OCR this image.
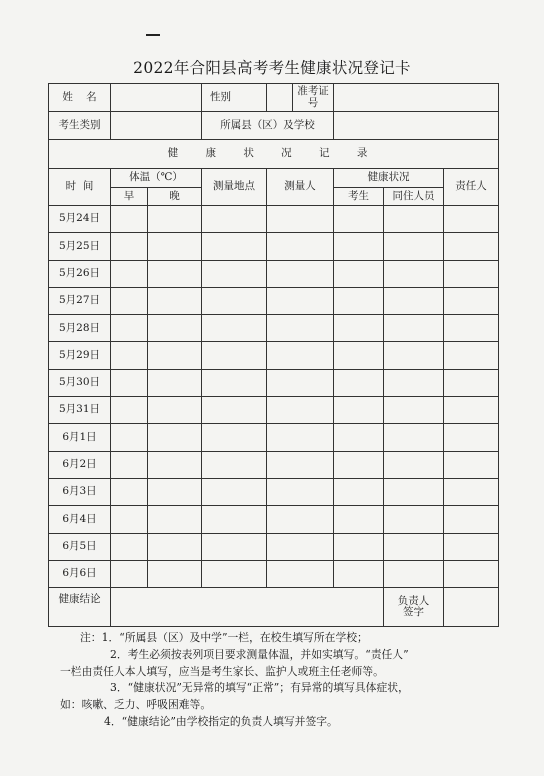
2022年合阳县高考考生健康状况登记卡
姓    名			性别	准考证号			

考生类别			所属县（区）及学校				
健 康 状 况 记 录							
时  间	体温（℃）		测量地点	测量人	健康状况		责任人
	早	晚			考生	同住人员	
5月24日							
5月25日							
5月26日							
5月27日							
5月28日							
5月29日							
5月30日							
5月31日							
6月1日							
6月2日							
6月3日							
6月4日							
6月5日							
6月6日							
健康结论						负责人
签字	

注：1．“所属县（区）及中学”一栏，在校生填写所在学校；

2．考生必须按表列项目要求测量体温，并如实填写。“责任人”

一栏由责任人本人填写，应当是考生家长、监护人或班主任老师等。

3．“健康状况”无异常的填写“正常”；有异常的填写具体症状，

如：咳嗽、乏力、呼吸困难等。

4．“健康结论”由学校指定的负责人填写并签字。
